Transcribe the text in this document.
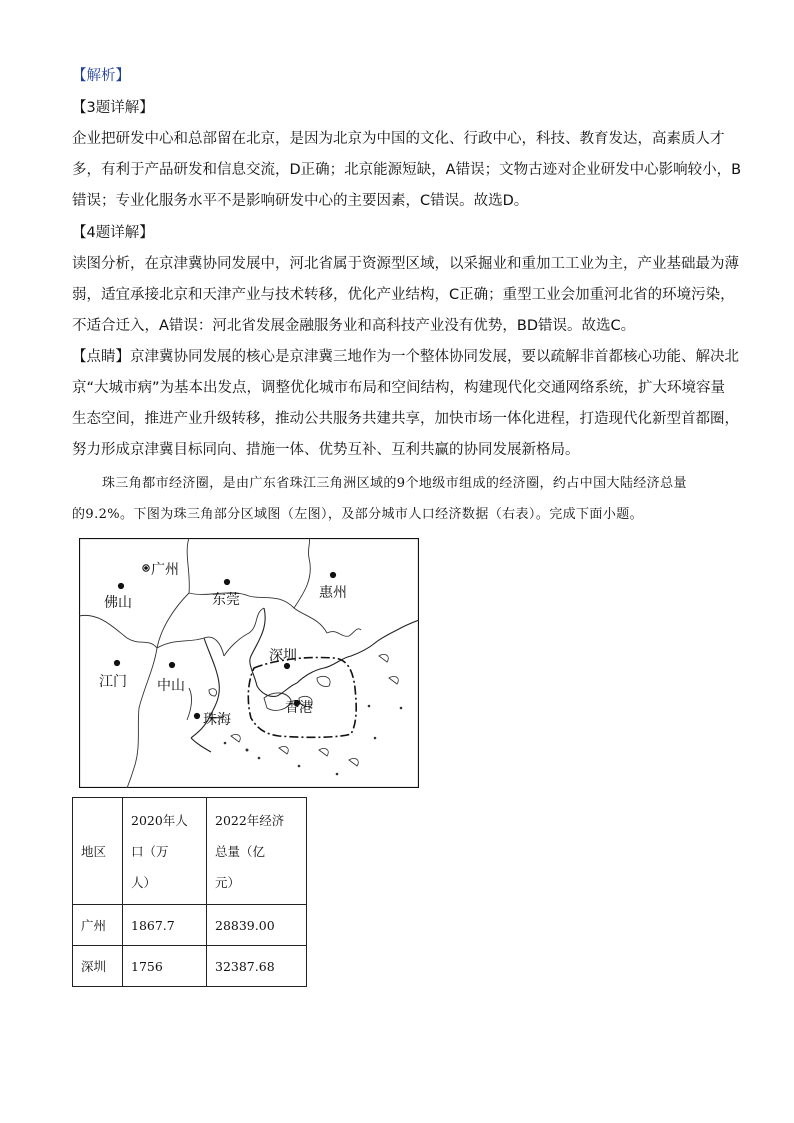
【解析】
【3题详解】
企业把研发中心和总部留在北京，是因为北京为中国的文化、行政中心，科技、教育发达，高素质人才
多，有利于产品研发和信息交流，D正确；北京能源短缺，A错误；文物古迹对企业研发中心影响较小，B
错误；专业化服务水平不是影响研发中心的主要因素，C错误。故选D。
【4题详解】
读图分析，在京津冀协同发展中，河北省属于资源型区域，以采掘业和重加工工业为主，产业基础最为薄
弱，适宜承接北京和天津产业与技术转移，优化产业结构，C正确；重型工业会加重河北省的环境污染，
不适合迁入，A错误：河北省发展金融服务业和高科技产业没有优势，BD错误。故选C。
【点睛】京津冀协同发展的核心是京津冀三地作为一个整体协同发展，要以疏解非首都核心功能、解决北
京“大城市病”为基本出发点，调整优化城市布局和空间结构，构建现代化交通网络系统，扩大环境容量
生态空间，推进产业升级转移，推动公共服务共建共享，加快市场一体化进程，打造现代化新型首都圈，
努力形成京津冀目标同向、措施一体、优势互补、互利共赢的协同发展新格局。
珠三角都市经济圈，是由广东省珠江三角洲区域的9个地级市组成的经济圈，约占中国大陆经济总量
的9.2%。下图为珠三角部分区域图（左图），及部分城市人口经济数据（右表）。完成下面小题。
广州
佛山	东莞	惠州
深圳
江门 中山
珠海
香港
地区	2020年人
口（万
人）	2022年经济
总量（亿
元）
广州	1867.7	28839.00
深圳	1756	32387.68
